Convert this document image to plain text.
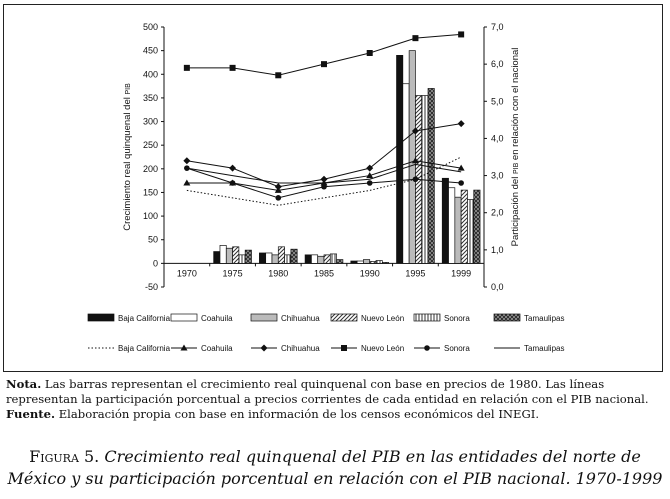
500
450
400
350
300
250
200
150
100
50
0
-50
7,0
6,0
5,0
4,0
3,0
2,0
1,0
0,0
1970	1975	1980	1985	1990	1995	1999
Crecimiento real quinquenal del PIB
Participación del PIB en relación con el nacional
Baja California	Coahuila	Chihuahua	Nuevo León	Sonora	Tamaulipas
Baja California	Coahuila	Chihuahua	Nuevo León	Sonora	Tamaulipas

Nota. Las barras representan el crecimiento real quinquenal con base en precios de 1980. Las líneas representan la participación porcentual a precios corrientes de cada entidad en relación con el PIB nacional.

Fuente. Elaboración propia con base en información de los censos económicos del INEGI.

Figura 5. Crecimiento real quinquenal del PIB en las entidades del norte de México y su participación porcentual en relación con el PIB nacional. 1970-1999
